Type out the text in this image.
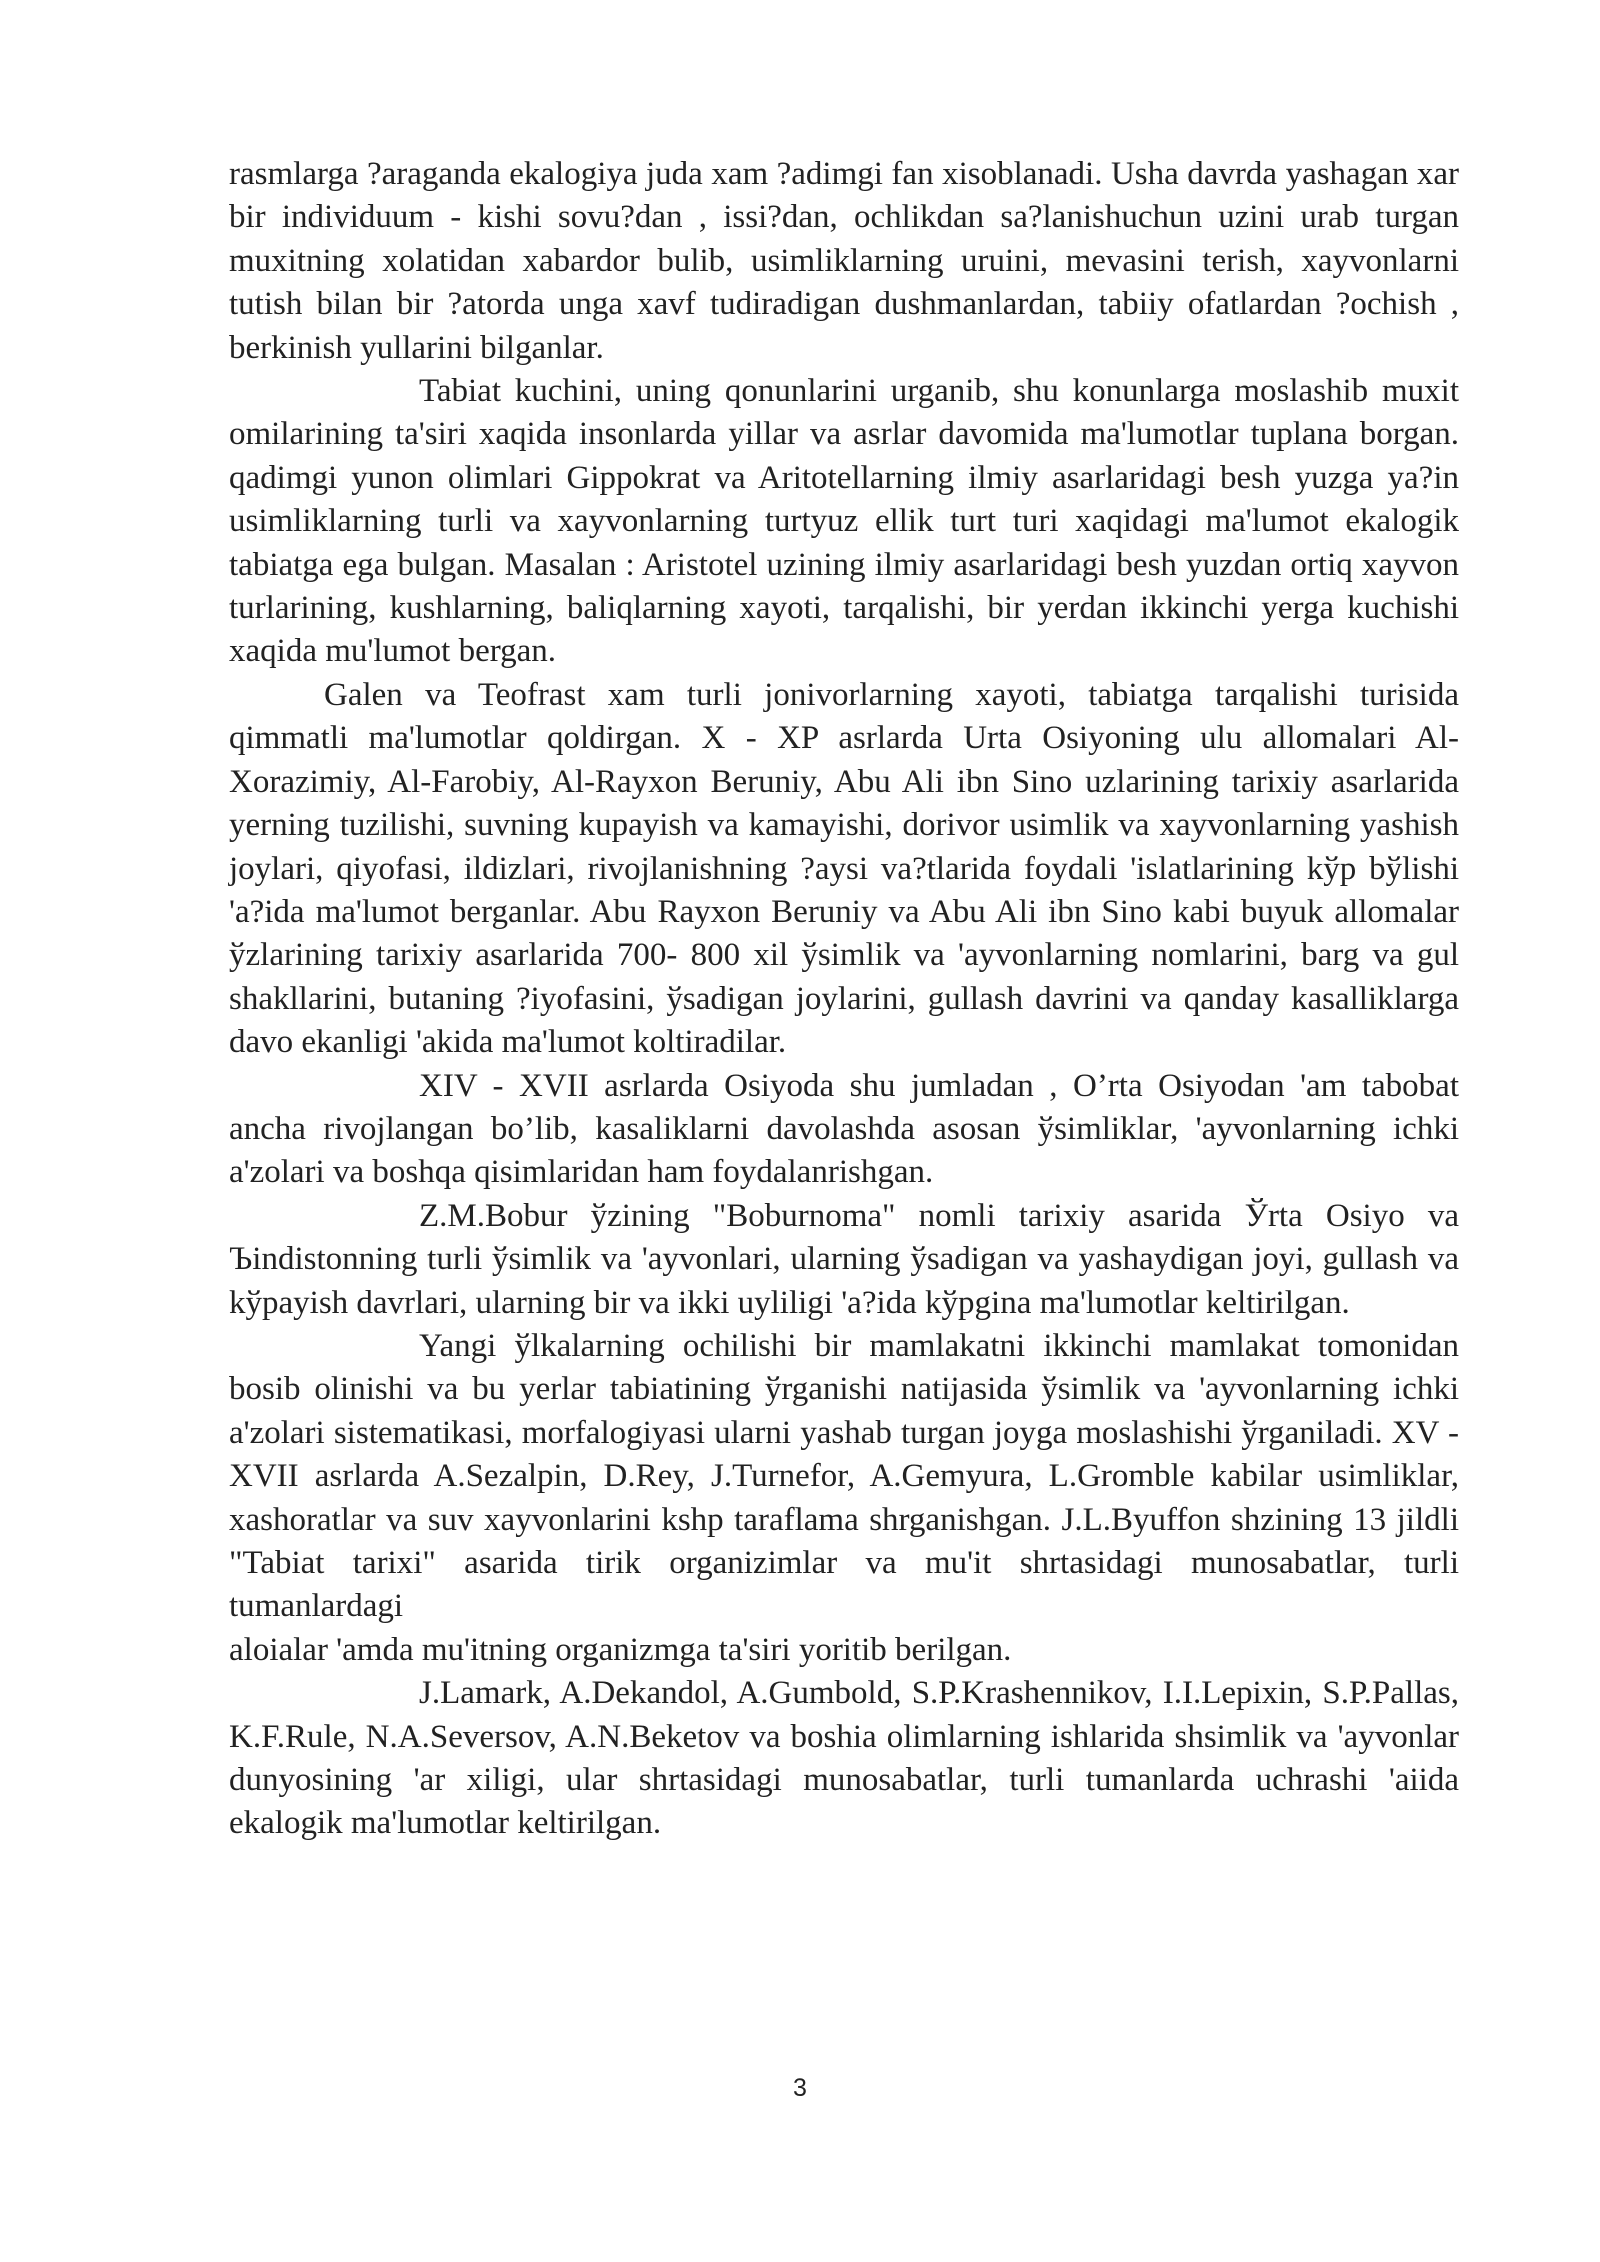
rasmlarga ?araganda ekalogiya juda xam ?adimgi fan xisoblanadi. Usha davrda yashagan xar bir individuum - kishi sovu?dan , issi?dan, ochlikdan sa?lanishuchun uzini urab turgan muxitning xolatidan xabardor bulib, usimliklarning uruini, mevasini terish, xayvonlarni tutish bilan bir ?atorda unga xavf tudiradigan dushmanlardan, tabiiy ofatlardan ?ochish , berkinish yullarini bilganlar.

Tabiat kuchini, uning qonunlarini urganib, shu konunlarga moslashib muxit omilarining ta'siri xaqida insonlarda yillar va asrlar davomida ma'lumotlar tuplana borgan. qadimgi yunon olimlari Gippokrat va Aritotellarning ilmiy asarlaridagi besh yuzga ya?in usimliklarning turli va xayvonlarning turtyuz ellik turt turi xaqidagi ma'lumot ekalogik tabiatga ega bulgan. Masalan : Aristotel uzining ilmiy asarlaridagi besh yuzdan ortiq xayvon turlarining, kushlarning, baliqlarning xayoti, tarqalishi, bir yerdan ikkinchi yerga kuchishi xaqida mu'lumot bergan.

Galen va Teofrast xam turli jonivorlarning xayoti, tabiatga tarqalishi turisida qimmatli ma'lumotlar qoldirgan. X - XP asrlarda Urta Osiyoning ulu allomalari Al- Xorazimiy, Al-Farobiy, Al-Rayxon Beruniy, Abu Ali ibn Sino uzlarining tarixiy asarlarida yerning tuzilishi, suvning kupayish va kamayishi, dorivor usimlik va xayvonlarning yashish joylari, qiyofasi, ildizlari, rivojlanishning ?aysi va?tlarida foydali 'islatlarining kўp bўlishi 'a?ida ma'lumot berganlar. Abu Rayxon Beruniy va Abu Ali ibn Sino kabi buyuk allomalar ўzlarining tarixiy asarlarida 700- 800 xil ўsimlik va 'ayvonlarning nomlarini, barg va gul shakllarini, butaning ?iyofasini, ўsadigan joylarini, gullash davrini va qanday kasalliklarga davo ekanligi 'akida ma'lumot koltiradilar.

XIV - XVII asrlarda Osiyoda shu jumladan , O’rta Osiyodan 'am tabobat ancha rivojlangan bo’lib, kasaliklarni davolashda asosan ўsimliklar, 'ayvonlarning ichki a'zolari va boshqa qisimlaridan ham foydalanrishgan.

Z.M.Bobur ўzining "Boburnoma" nomli tarixiy asarida Ўrta Osiyo va Ъindistonning turli ўsimlik va 'ayvonlari, ularning ўsadigan va yashaydigan joyi, gullash va kўpayish davrlari, ularning bir va ikki uyliligi 'a?ida kўpgina ma'lumotlar keltirilgan.

Yangi ўlkalarning ochilishi bir mamlakatni ikkinchi mamlakat tomonidan bosib olinishi va bu yerlar tabiatining ўrganishi natijasida ўsimlik va 'ayvonlarning ichki a'zolari sistematikasi, morfalogiyasi ularni yashab turgan joyga moslashishi ўrganiladi. XV - XVII asrlarda A.Sezalpin, D.Rey, J.Turnefor, A.Gemyura, L.Gromble kabilar usimliklar, xashoratlar va suv xayvonlarini kshp taraflama shrganishgan. J.L.Byuffon shzining 13 jildli "Tabiat tarixi" asarida tirik organizimlar va mu'it shrtasidagi munosabatlar, turli tumanlardagi

aloialar 'amda mu'itning organizmga ta'siri yoritib berilgan.

J.Lamark, A.Dekandol, A.Gumbold, S.P.Krashennikov, I.I.Lepixin, S.P.Pallas, K.F.Rule, N.A.Seversov, A.N.Beketov va boshia olimlarning ishlarida shsimlik va 'ayvonlar dunyosining 'ar xiligi, ular shrtasidagi munosabatlar, turli tumanlarda uchrashi 'aiida ekalogik ma'lumotlar keltirilgan.

3
